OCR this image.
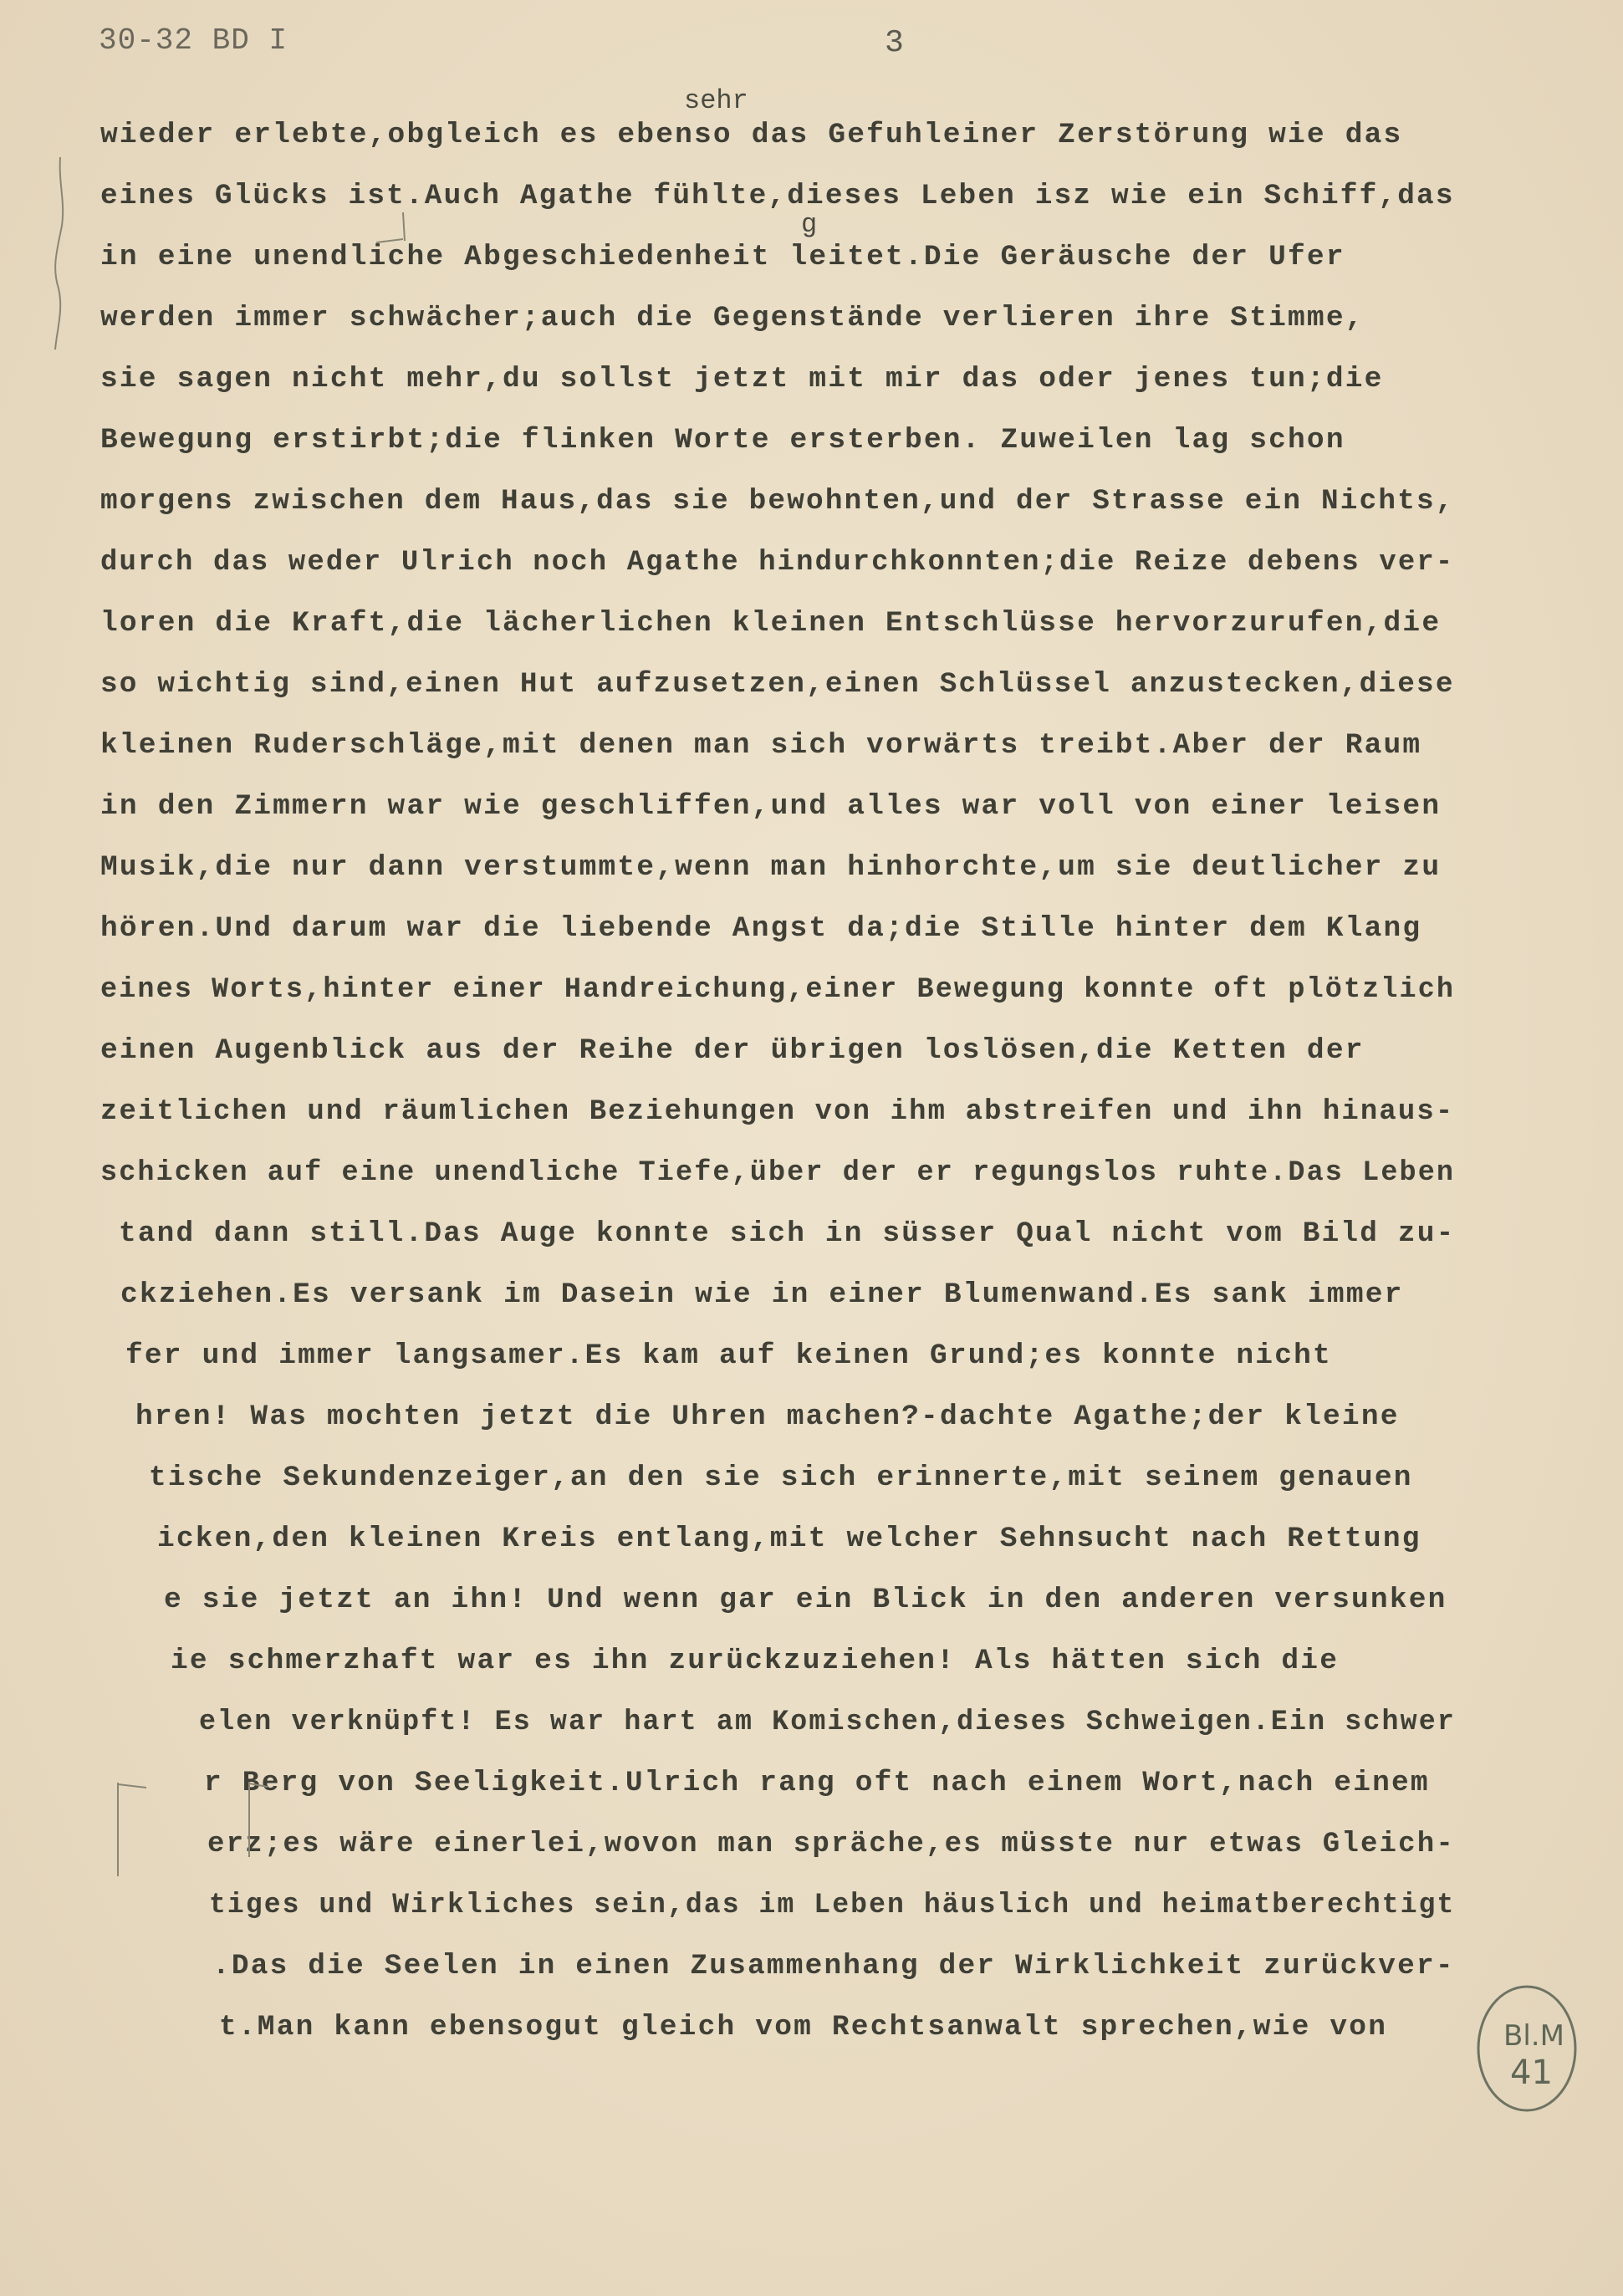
30-32 BD I	3
sehr
g
wieder erlebte,obgleich es ebenso das Gefuhleiner Zerstörung wie das
eines Glücks ist.Auch Agathe fühlte,dieses Leben isz wie ein Schiff,das
in eine unendliche Abgeschiedenheit leitet.Die Geräusche der Ufer
werden immer schwächer;auch die Gegenstände verlieren ihre Stimme,
sie sagen nicht mehr,du sollst jetzt mit mir das oder jenes tun;die
Bewegung erstirbt;die flinken Worte ersterben. Zuweilen lag schon
morgens zwischen dem Haus,das sie bewohnten,und der Strasse ein Nichts,
durch das weder Ulrich noch Agathe hindurchkonnten;die Reize debens ver-
loren die Kraft,die lächerlichen kleinen Entschlüsse hervorzurufen,die
so wichtig sind,einen Hut aufzusetzen,einen Schlüssel anzustecken,diese
kleinen Ruderschläge,mit denen man sich vorwärts treibt.Aber der Raum
in den Zimmern war wie geschliffen,und alles war voll von einer leisen
Musik,die nur dann verstummte,wenn man hinhorchte,um sie deutlicher zu
hören.Und darum war die liebende Angst da;die Stille hinter dem Klang
eines Worts,hinter einer Handreichung,einer Bewegung konnte oft plötzlich
einen Augenblick aus der Reihe der übrigen loslösen,die Ketten der
zeitlichen und räumlichen Beziehungen von ihm abstreifen und ihn hinaus-
schicken auf eine unendliche Tiefe,über der er regungslos ruhte.Das Leben
tand dann still.Das Auge konnte sich in süsser Qual nicht vom Bild zu-
ckziehen.Es versank im Dasein wie in einer Blumenwand.Es sank immer
fer und immer langsamer.Es kam auf keinen Grund;es konnte nicht
hren! Was mochten jetzt die Uhren machen?-dachte Agathe;der kleine
tische Sekundenzeiger,an den sie sich erinnerte,mit seinem genauen
icken,den kleinen Kreis entlang,mit welcher Sehnsucht nach Rettung
e sie jetzt an ihn! Und wenn gar ein Blick in den anderen versunken
ie schmerzhaft war es ihn zurückzuziehen! Als hätten sich die
elen verknüpft! Es war hart am Komischen,dieses Schweigen.Ein schwer
r Berg von Seeligkeit.Ulrich rang oft nach einem Wort,nach einem
erz;es wäre einerlei,wovon man spräche,es müsste nur etwas Gleich-
tiges und Wirkliches sein,das im Leben häuslich und heimatberechtigt
.Das die Seelen in einen Zusammenhang der Wirklichkeit zurückver-
t.Man kann ebensogut gleich vom Rechtsanwalt sprechen,wie von	Bl.M
41
